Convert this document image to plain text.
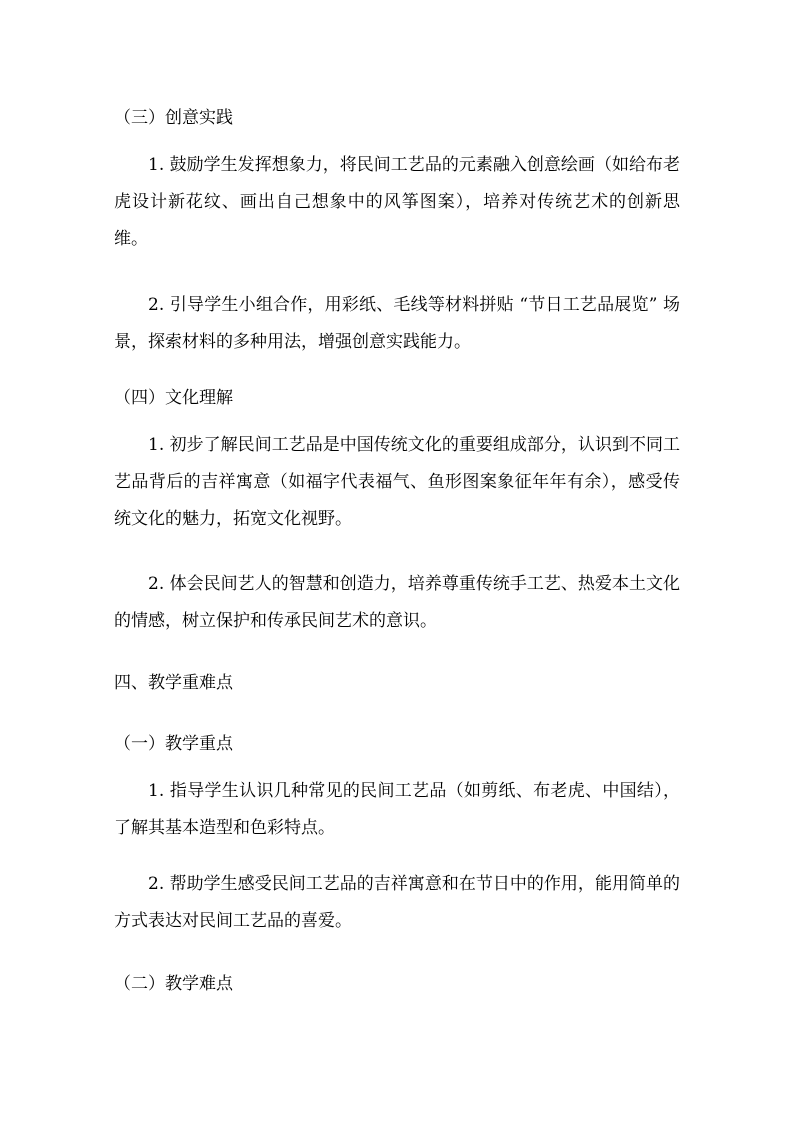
（三）创意实践

1. 鼓励学生发挥想象力，将民间工艺品的元素融入创意绘画（如给布老虎设计新花纹、画出自己想象中的风筝图案），培养对传统艺术的创新思维。

2. 引导学生小组合作，用彩纸、毛线等材料拼贴 “节日工艺品展览” 场景，探索材料的多种用法，增强创意实践能力。

（四）文化理解

1. 初步了解民间工艺品是中国传统文化的重要组成部分，认识到不同工艺品背后的吉祥寓意（如福字代表福气、鱼形图案象征年年有余），感受传统文化的魅力，拓宽文化视野。

2. 体会民间艺人的智慧和创造力，培养尊重传统手工艺、热爱本土文化的情感，树立保护和传承民间艺术的意识。

四、教学重难点
（一）教学重点

1. 指导学生认识几种常见的民间工艺品（如剪纸、布老虎、中国结），了解其基本造型和色彩特点。

2. 帮助学生感受民间工艺品的吉祥寓意和在节日中的作用，能用简单的方式表达对民间工艺品的喜爱。

（二）教学难点
